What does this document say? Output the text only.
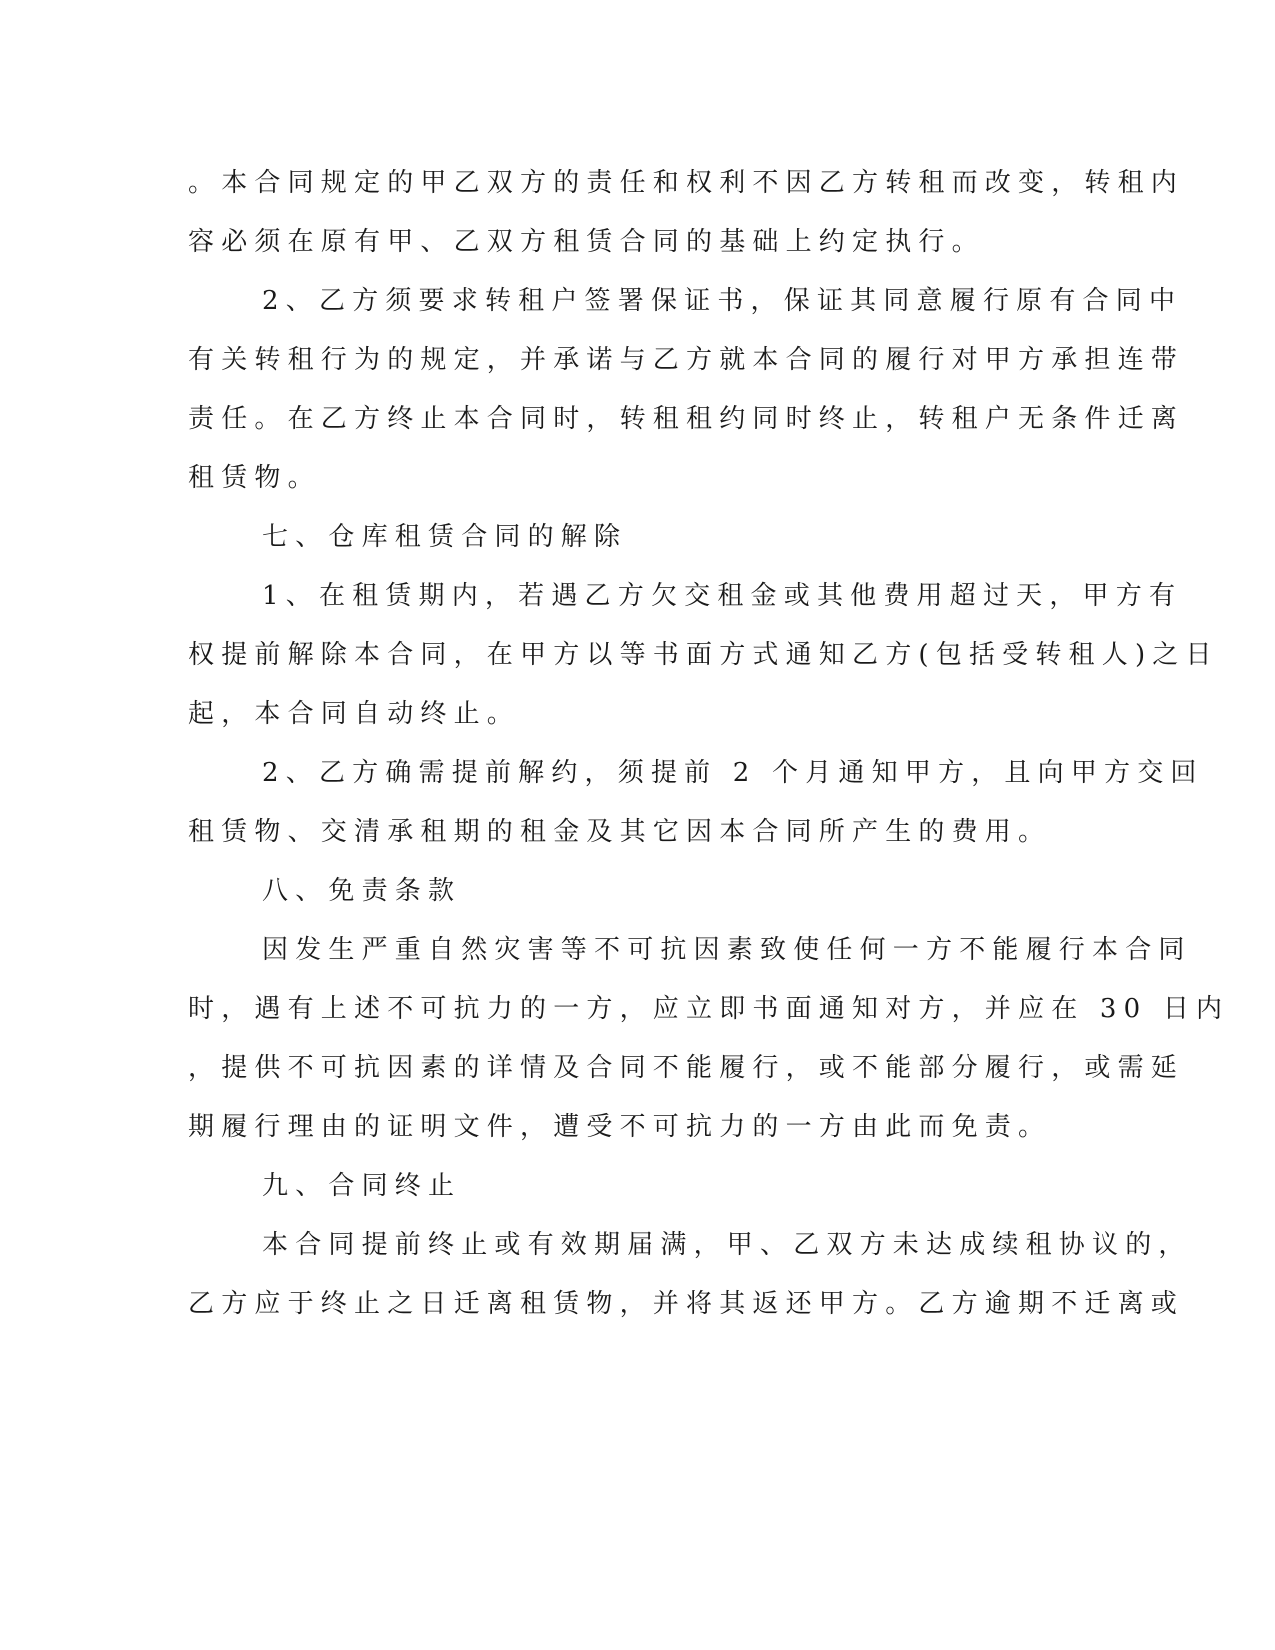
。本合同规定的甲乙双方的责任和权利不因乙方转租而改变，转租内

容必须在原有甲、乙双方租赁合同的基础上约定执行。

2、乙方须要求转租户签署保证书，保证其同意履行原有合同中

有关转租行为的规定，并承诺与乙方就本合同的履行对甲方承担连带

责任。在乙方终止本合同时，转租租约同时终止，转租户无条件迁离

租赁物。

七、仓库租赁合同的解除

1、在租赁期内，若遇乙方欠交租金或其他费用超过天，甲方有

权提前解除本合同，在甲方以等书面方式通知乙方(包括受转租人)之日

起，本合同自动终止。

2、乙方确需提前解约，须提前 2 个月通知甲方，且向甲方交回

租赁物、交清承租期的租金及其它因本合同所产生的费用。

八、免责条款

因发生严重自然灾害等不可抗因素致使任何一方不能履行本合同

时，遇有上述不可抗力的一方，应立即书面通知对方，并应在 30 日内

，提供不可抗因素的详情及合同不能履行，或不能部分履行，或需延

期履行理由的证明文件，遭受不可抗力的一方由此而免责。

九、合同终止

本合同提前终止或有效期届满，甲、乙双方未达成续租协议的，

乙方应于终止之日迁离租赁物，并将其返还甲方。乙方逾期不迁离或
